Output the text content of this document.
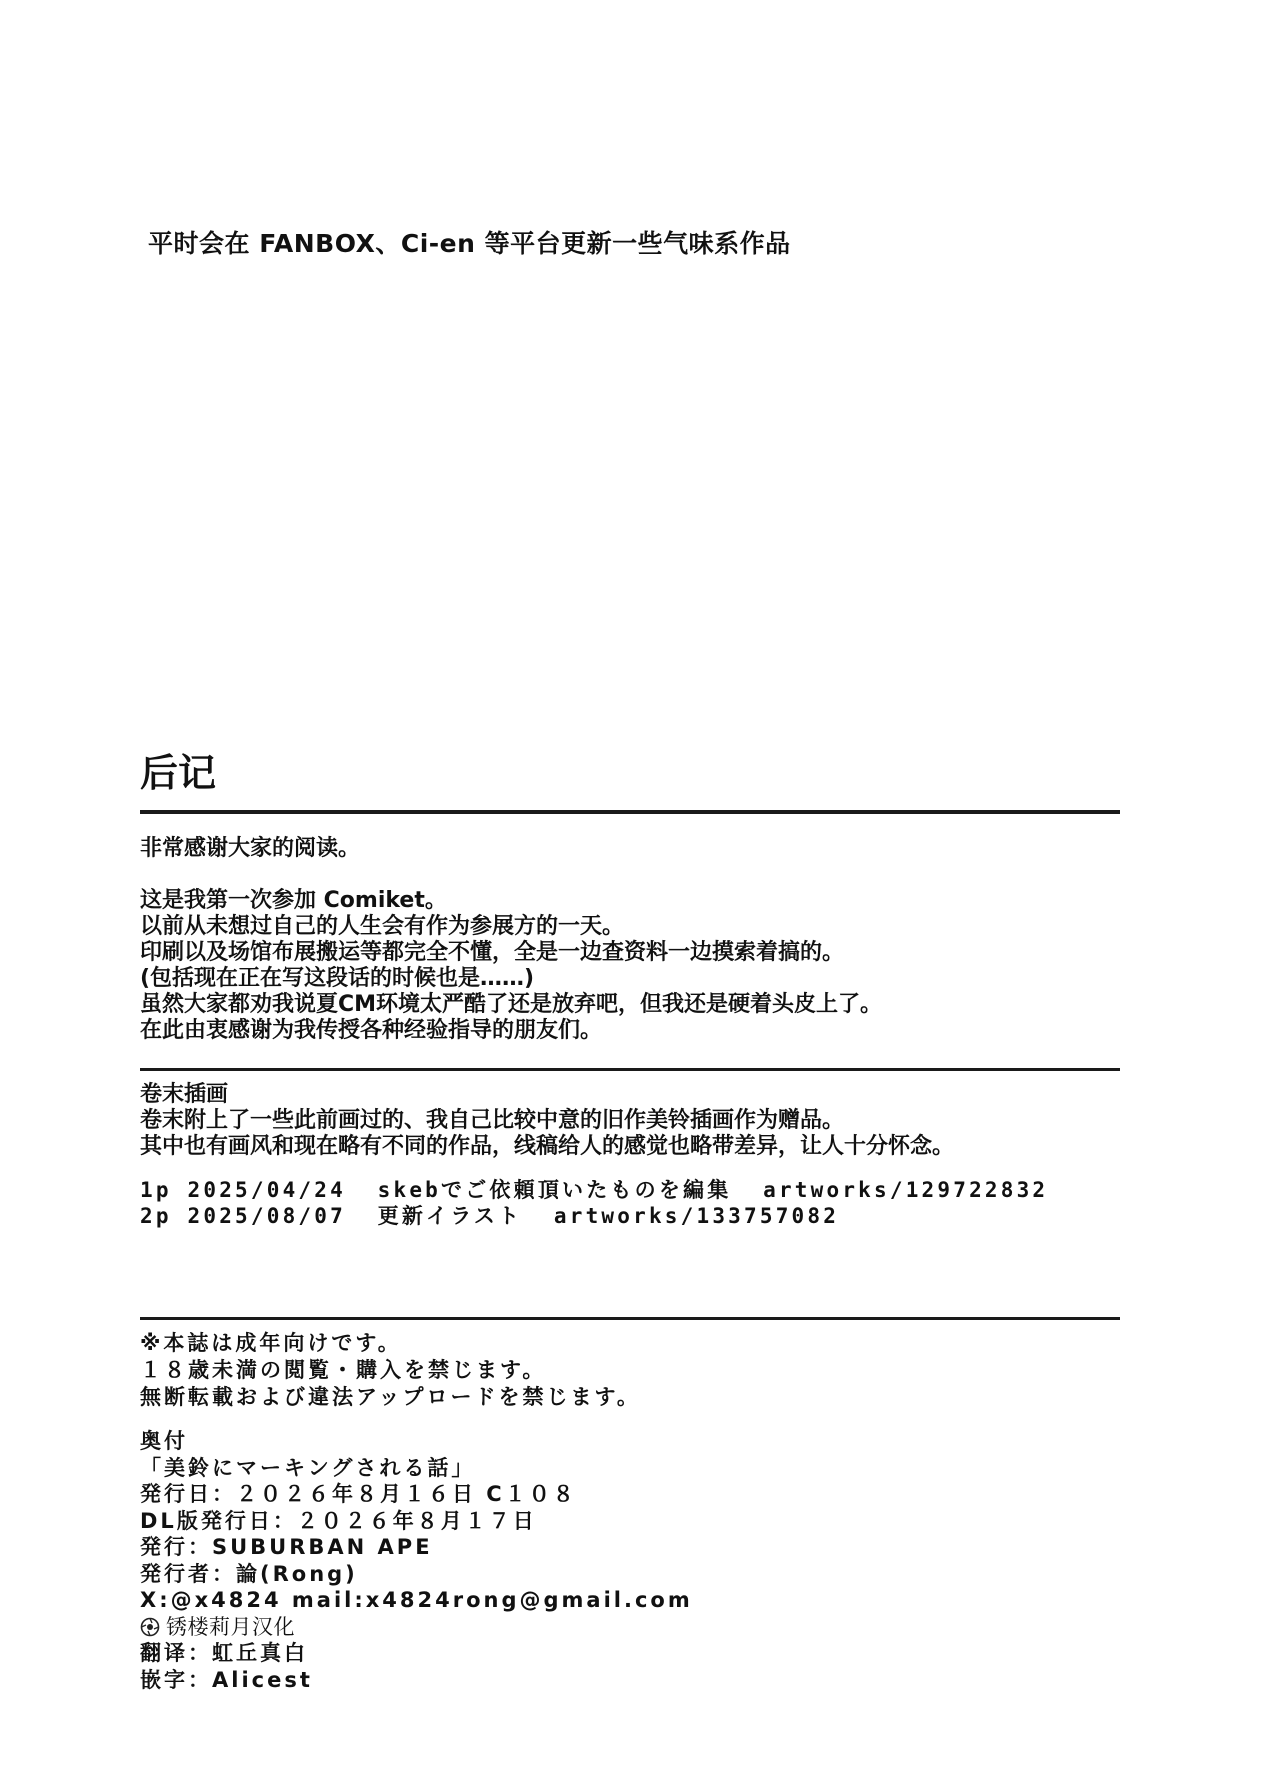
平时会在 FANBOX、Ci-en 等平台更新一些气味系作品
后记
非常感谢大家的阅读。
这是我第一次参加 Comiket。
以前从未想过自己的人生会有作为参展方的一天。
印刷以及场馆布展搬运等都完全不懂，全是一边查资料一边摸索着搞的。
(包括现在正在写这段话的时候也是……)
虽然大家都劝我说夏CM环境太严酷了还是放弃吧，但我还是硬着头皮上了。
在此由衷感谢为我传授各种经验指导的朋友们。
卷末插画
卷末附上了一些此前画过的、我自己比较中意的旧作美铃插画作为赠品。
其中也有画风和现在略有不同的作品，线稿给人的感觉也略带差异，让人十分怀念。
1p 2025/04/24  skebでご依頼頂いたものを編集  artworks/129722832
2p 2025/08/07  更新イラスト  artworks/133757082
※本誌は成年向けです。
１８歳未満の閲覧・購入を禁じます。
無断転載および違法アップロードを禁じます。
奥付
「美鈴にマーキングされる話」
発行日：２０２６年８月１６日 C１０８
DL版発行日：２０２６年８月１７日
発行：SUBURBAN APE
発行者：論(Rong)
X:@x4824 mail:x4824rong@gmail.com
锈楼莉月汉化
翻译：虹丘真白
嵌字：Alicest
